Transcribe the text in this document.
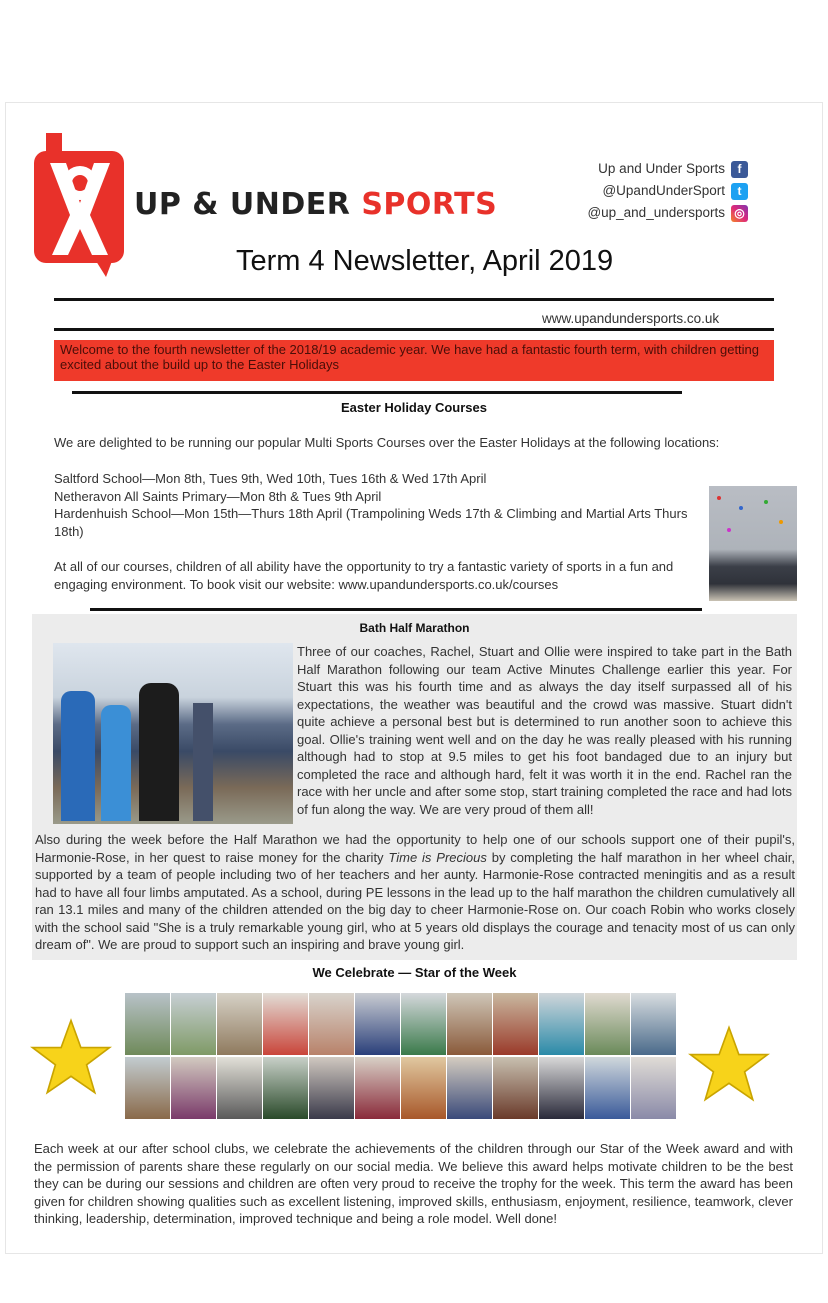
UP & UNDER SPORTS
Up and Under Sports f
@UpandUnderSport t
@up_and_undersports ◎
Term 4 Newsletter, April 2019
www.upandundersports.co.uk
Welcome to the fourth newsletter of the 2018/19 academic year. We have had a fantastic fourth term, with children getting excited about the build up to the Easter Holidays
Easter Holiday Courses
We are delighted to be running our popular Multi Sports Courses over the Easter Holidays at the following locations:
Saltford School—Mon 8th, Tues 9th, Wed 10th, Tues 16th & Wed 17th April
Netheravon All Saints Primary—Mon 8th & Tues 9th April
Hardenhuish School—Mon 15th—Thurs 18th April (Trampolining Weds 17th & Climbing and Martial Arts Thurs 18th)
At all of our courses, children of all ability have the opportunity to try a fantastic variety of sports in a fun and engaging environment. To book visit our website: www.upandundersports.co.uk/courses
Bath Half Marathon
Three of our coaches, Rachel, Stuart and Ollie were inspired to take part in the Bath Half Marathon following our team Active Minutes Challenge earlier this year. For Stuart this was his fourth time and as always the day itself surpassed all of his expectations, the weather was beautiful and the crowd was massive. Stuart didn't quite achieve a personal best but is determined to run another soon to achieve this goal. Ollie's training went well and on the day he was really pleased with his running although had to stop at 9.5 miles to get his foot bandaged due to an injury but completed the race and although hard, felt it was worth it in the end. Rachel ran the race with her uncle and after some stop, start training completed the race and had lots of fun along the way. We are very proud of them all!
Also during the week before the Half Marathon we had the opportunity to help one of our schools support one of their pupil's, Harmonie-Rose, in her quest to raise money for the charity Time is Precious by completing the half marathon in her wheel chair, supported by a team of people including two of her teachers and her aunty. Harmonie-Rose contracted meningitis and as a result had to have all four limbs amputated. As a school, during PE lessons in the lead up to the half marathon the children cumulatively all ran 13.1 miles and many of the children attended on the big day to cheer Harmonie-Rose on. Our coach Robin who works closely with the school said "She is a truly remarkable young girl, who at 5 years old displays the courage and tenacity most of us can only dream of". We are proud to support such an inspiring and brave young girl.
We Celebrate — Star of the Week
Each week at our after school clubs, we celebrate the achievements of the children through our Star of the Week award and with the permission of parents share these regularly on our social media. We believe this award helps motivate children to be the best they can be during our sessions and children are often very proud to receive the trophy for the week. This term the award has been given for children showing qualities such as excellent listening, improved skills, enthusiasm, enjoyment, resilience, teamwork, clever thinking, leadership, determination, improved technique and being a role model. Well done!
